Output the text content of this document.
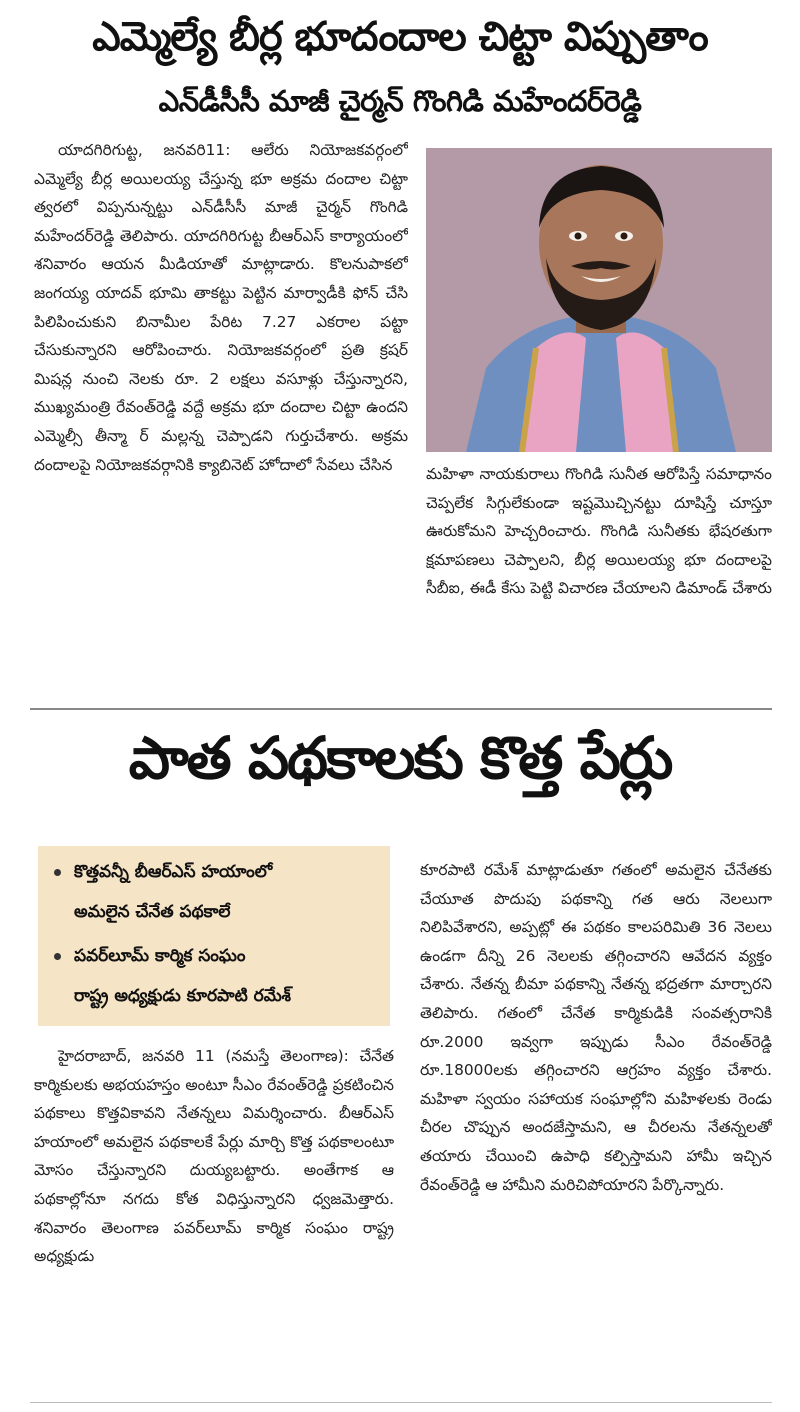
ఎమ్మెల్యే బీర్ల భూదందాల చిట్టా విప్పుతాం
ఎన్‌డీసీసీ మాజీ చైర్మన్ గొంగిడి మహేందర్‌రెడ్డి

యాదగిరిగుట్ట, జనవరి11: ఆలేరు నియోజకవర్గంలో ఎమ్మెల్యే బీర్ల అయిలయ్య చేస్తున్న భూ అక్రమ దందాల చిట్టా త్వరలో విప్పనున్నట్టు ఎన్‌డీసీసీ మాజీ చైర్మన్ గొంగిడి మహేందర్‌రెడ్డి తెలిపారు. యాదగిరిగుట్ట బీఆర్‌ఎస్ కార్యాయంలో శనివారం ఆయన మీడియాతో మాట్లాడారు. కొలనుపాకలో జంగయ్య యాదవ్ భూమి తాకట్టు పెట్టిన మార్వాడీకి ఫోన్ చేసి పిలిపించుకుని బినామీల పేరిట 7.27 ఎకరాల పట్టా చేసుకున్నారని ఆరోపించారు. నియోజకవర్గంలో ప్రతి క్రషర్ మిషన్ల నుంచి నెలకు రూ. 2 లక్షలు వసూళ్లు చేస్తున్నారని, ముఖ్యమంత్రి రేవంత్‌రెడ్డి వద్దే అక్రమ భూ దందాల చిట్టా ఉందని ఎమ్మెల్సీ తీన్మా ర్ మల్లన్న చెప్పాడని గుర్తుచేశారు. అక్రమ దందాలపై నియోజకవర్గానికి క్యాబినెట్ హోదాలో సేవలు చేసిన

మహిళా నాయకురాలు గొంగిడి సునీత ఆరోపిస్తే సమాధానం చెప్పలేక సిగ్గులేకుండా ఇష్టమొచ్చినట్టు దూషిస్తే చూస్తూ ఊరుకోమని హెచ్చరించారు. గొంగిడి సునీతకు భేషరతుగా క్షమాపణలు చెప్పాలని, బీర్ల అయిలయ్య భూ దందాలపై సీబీఐ, ఈడీ కేసు పెట్టి విచారణ చేయాలని డిమాండ్ చేశారు

పాత పథకాలకు కొత్త పేర్లు
కొత్తవన్నీ బీఆర్‌ఎస్ హయాంలో
అమలైన చేనేత పథకాలే
పవర్‌లూమ్ కార్మిక సంఘం
రాష్ట్ర అధ్యక్షుడు కూరపాటి రమేశ్

హైదరాబాద్, జనవరి 11 (నమస్తే తెలంగాణ): చేనేత కార్మికులకు అభయహస్తం అంటూ సీఎం రేవంత్‌రెడ్డి ప్రకటించిన పథకాలు కొత్తవికావని నేతన్నలు విమర్శించారు. బీఆర్‌ఎస్ హయాంలో అమలైన పథకాలకే పేర్లు మార్చి కొత్త పథకాలంటూ మోసం చేస్తున్నారని దుయ్యబట్టారు. అంతేగాక ఆ పథకాల్లోనూ నగదు కోత విధిస్తున్నారని ధ్వజమెత్తారు. శనివారం తెలంగాణ పవర్‌లూమ్ కార్మిక సంఘం రాష్ట్ర అధ్యక్షుడు

కూరపాటి రమేశ్ మాట్లాడుతూ గతంలో అమలైన చేనేతకు చేయూత పొదుపు పథకాన్ని గత ఆరు నెలలుగా నిలిపివేశారని, అప్పట్లో ఈ పథకం కాలపరిమితి 36 నెలలు ఉండగా దీన్ని 26 నెలలకు తగ్గించారని ఆవేదన వ్యక్తం చేశారు. నేతన్న బీమా పథకాన్ని నేతన్న భద్రతగా మార్చారని తెలిపారు. గతంలో చేనేత కార్మికుడికి సంవత్సరానికి రూ.2000 ఇవ్వగా ఇప్పుడు సీఎం రేవంత్‌రెడ్డి రూ.18000లకు తగ్గించారని ఆగ్రహం వ్యక్తం చేశారు. మహిళా స్వయం సహాయక సంఘాల్లోని మహిళలకు రెండు చీరల చొప్పున అందజేస్తామని, ఆ చీరలను నేతన్నలతో తయారు చేయించి ఉపాధి కల్పిస్తామని హామీ ఇచ్చిన రేవంత్‌రెడ్డి ఆ హామీని మరిచిపోయారని పేర్కొన్నారు.
